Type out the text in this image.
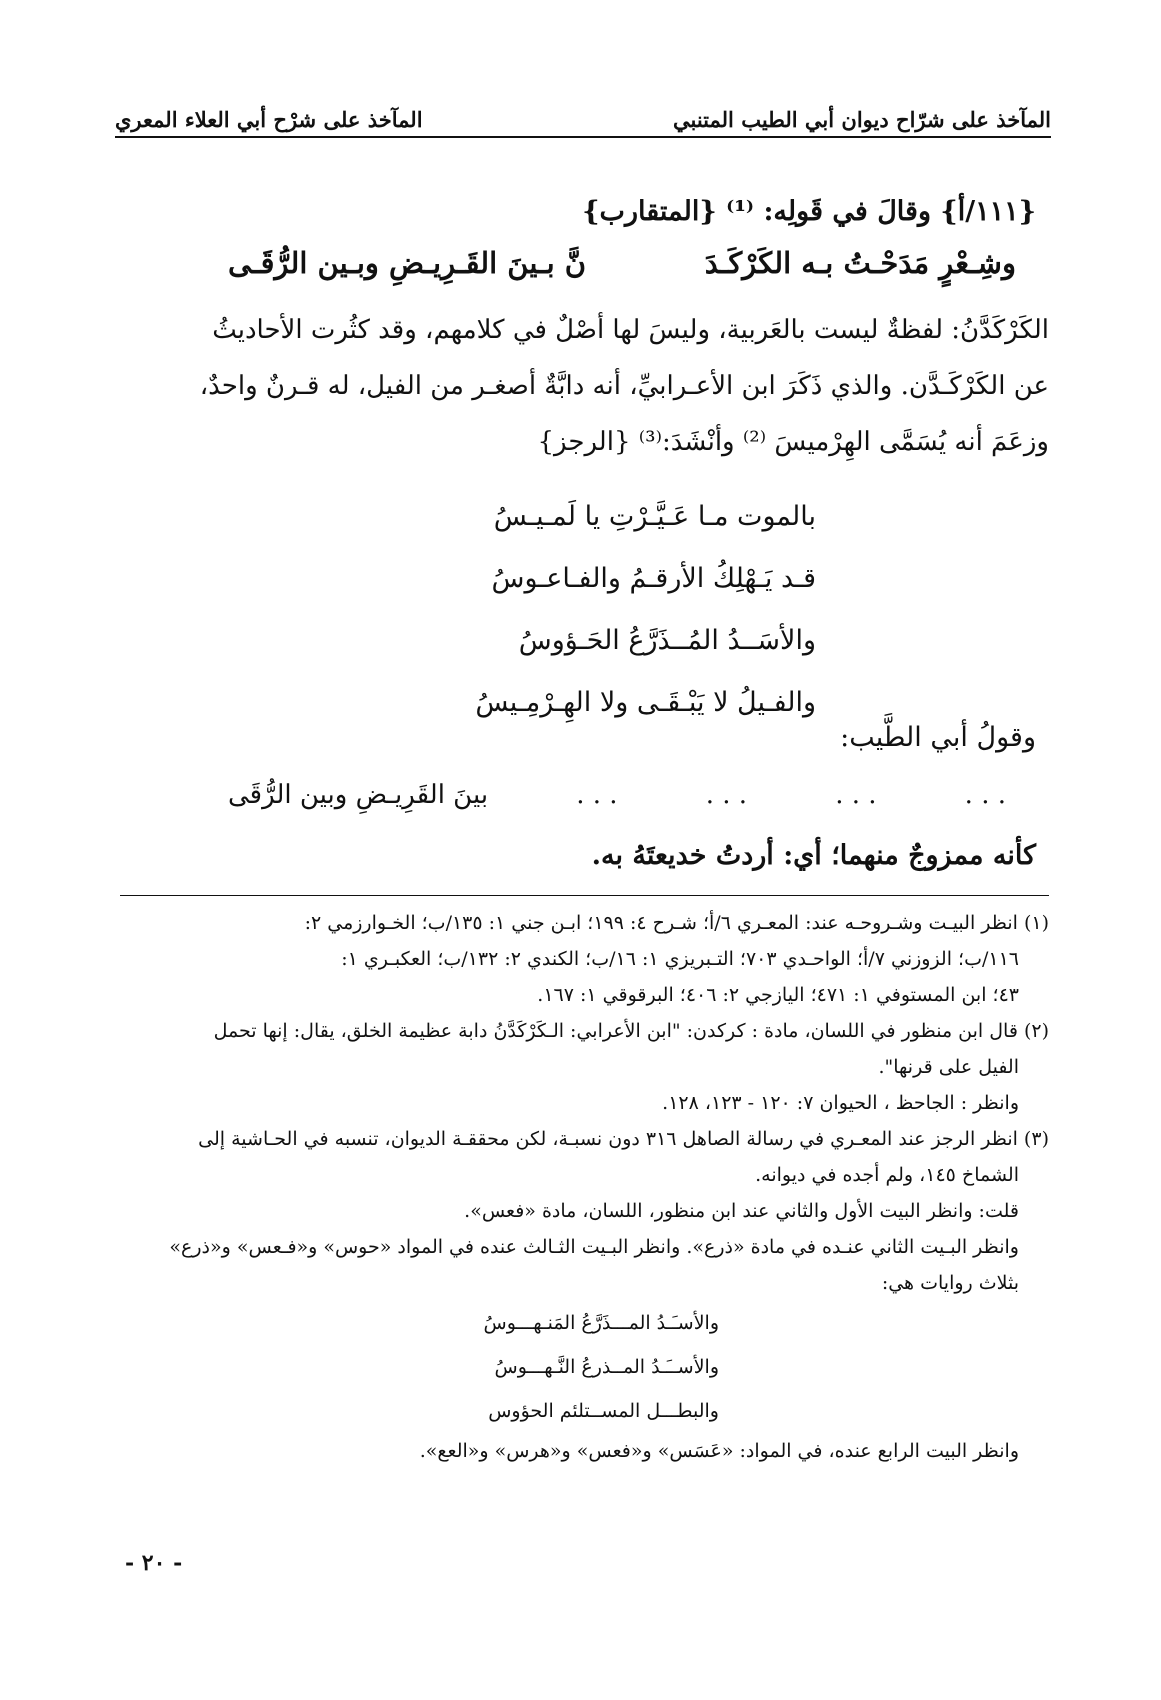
المآخذ على شرّاح ديوان أبي الطيب المتنبي
المآخذ على شرْح أبي العلاء المعري
{١١١/أ} وقالَ في قَولِه: ⁽¹⁾ {المتقارب}
وشِـعْرٍ مَدَحْـتُ بـه الكَرْكَـدَ
نَّ بـينَ القَـرِيـضِ وبـين الرُّقَـى

الكَرْكَدَّنُ: لفظةٌ ليست بالعَربية، وليسَ لها أصْلٌ في كلامهم، وقد كثُرت الأحاديثُ

عن الكَرْكَـدَّن. والذي ذَكَرَ ابن الأعـرابيِّ، أنه دابَّةٌ أصغـر من الفيل، له قـرنٌ واحدٌ،

وزعَمَ أنه يُسَمَّى الهِرْميسَ ⁽²⁾ وأنْشَدَ:⁽³⁾ {الرجز}

بالموت مـا عَـيَّـرْتِ يا لَمـيـسُ
قـد يَـهْلِكُ الأرقـمُ والفـاعـوسُ
والأسَــدُ المُــذَرَّعُ الحَـؤوسُ
والفـيلُ لا يَبْـقَـى ولا الهِـرْمِـيسُ
وقولُ أبي الطَّيب:
. . .
. . .
. . .
. . .
بينَ القَرِيـضِ وبين الرُّقَى
كأنه ممزوجٌ منهما؛ أي: أردتُ خديعتَهُ به.

(١) انظر البيـت وشـروحـه عند: المعـري ٦/أ؛ شـرح ٤: ١٩٩؛ ابـن جني ١: ١٣٥/ب؛ الخـوارزمي ٢:

١١٦/ب؛ الزوزني ٧/أ؛ الواحـدي ٧٠٣؛ التـبريزي ١: ١٦/ب؛ الكندي ٢: ١٣٢/ب؛ العكبـري ١:

٤٣؛ ابن المستوفي ١: ٤٧١؛ اليازجي ٢: ٤٠٦؛ البرقوقي ١: ١٦٧.

(٢) قال ابن منظور في اللسان، مادة : كركدن: "ابن الأعرابي: الـكَرْكَدَّنُ دابة عظيمة الخلق، يقال: إنها تحمل

الفيل على قرنها".

وانظر : الجاحظ ، الحيوان ٧: ١٢٠ - ١٢٣، ١٢٨.

(٣) انظر الرجز عند المعـري في رسالة الصاهل ٣١٦ دون نسبـة، لكن محققـة الديوان، تنسبه في الحـاشية إلى

الشماخ ١٤٥، ولم أجده في ديوانه.

قلت: وانظر البيت الأول والثاني عند ابن منظور، اللسان، مادة «فعس».

وانظر البـيت الثاني عنـده في مادة «ذرع». وانظر البـيت الثـالث عنده في المواد «حوس» و«فـعس» و«ذرع»

بثلاث روايات هي:

والأسـَـدُ المـــذَرَّعُ المَنـهـــوسُ

والأســَـدُ المــذرعُ النَّـهـــوسُ

والبطـــل المســتلئم الحؤوس

وانظر البيت الرابع عنده، في المواد: «عَسَس» و«فعس» و«هرس» و«العع».

- ٢٠ -
